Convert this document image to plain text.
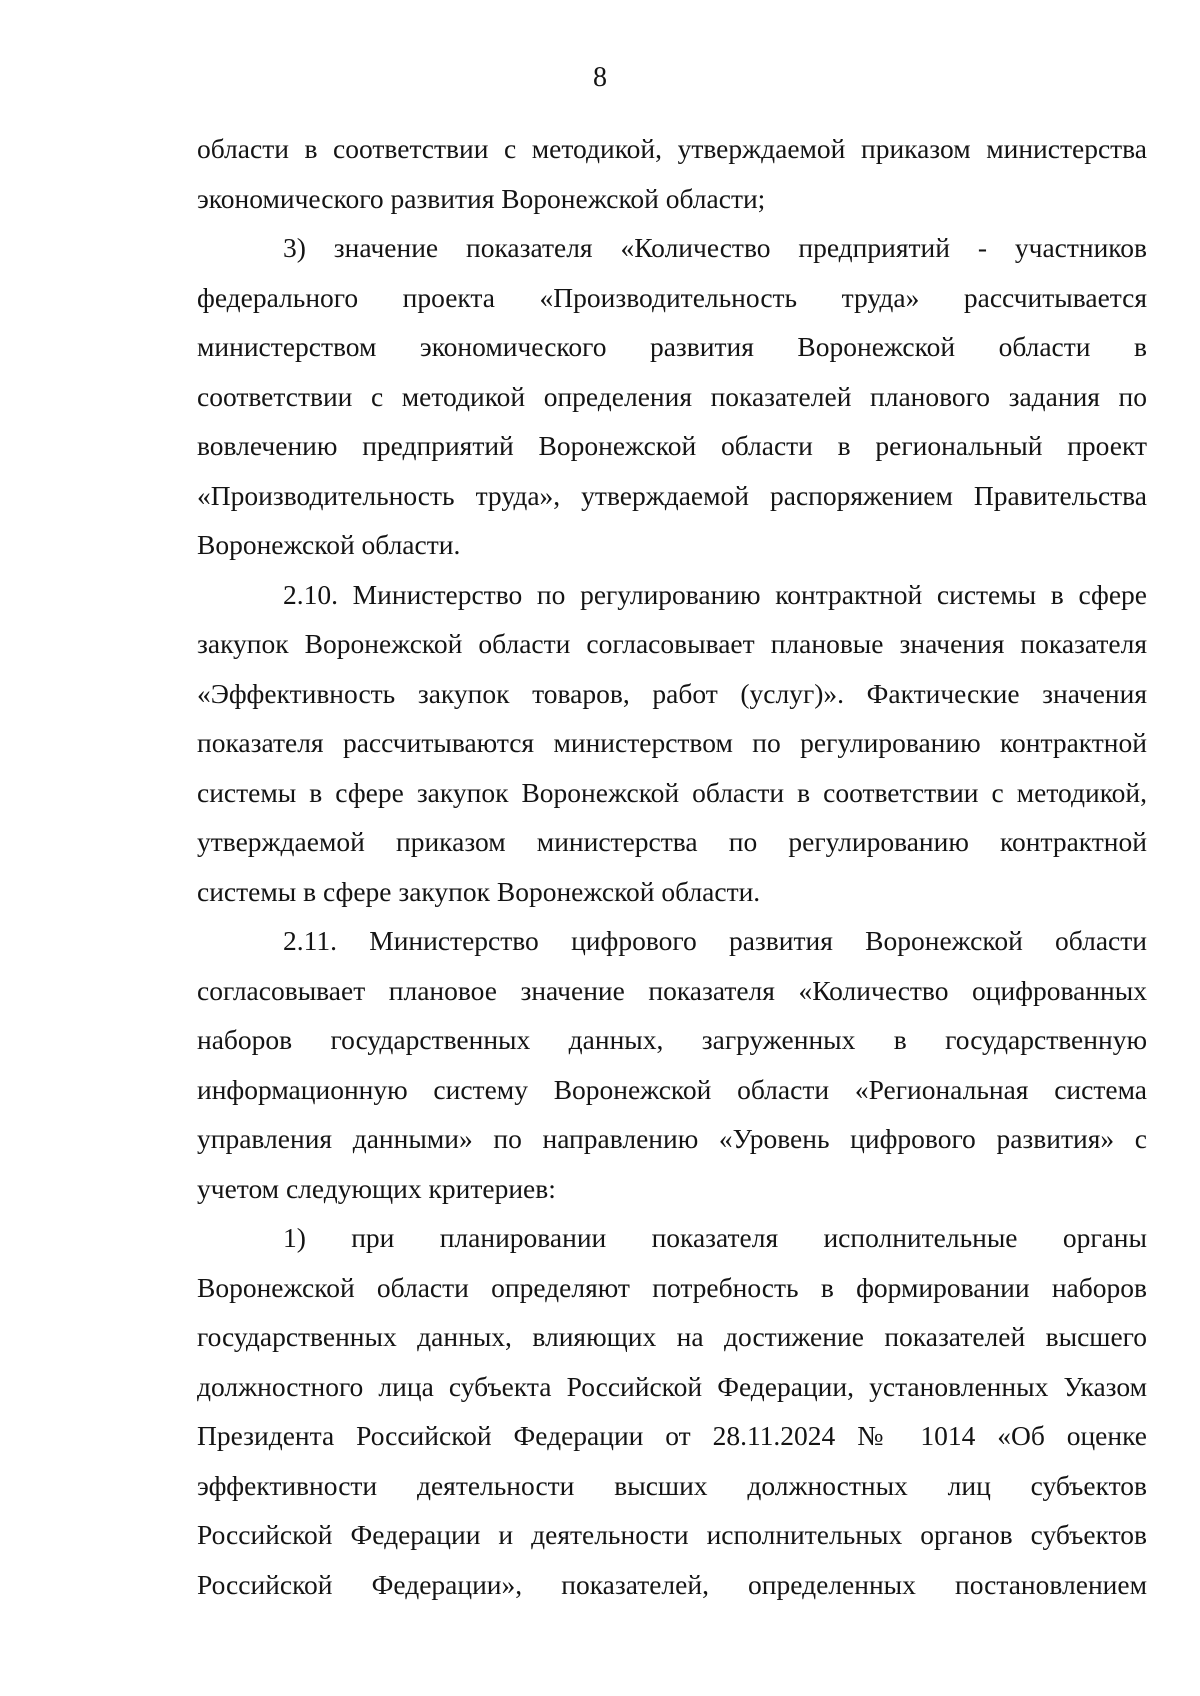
8
области в соответствии с методикой, утверждаемой приказом министерства
экономического развития Воронежской области;
3) значение показателя «Количество предприятий - участников
федерального проекта «Производительность труда» рассчитывается
министерством экономического развития Воронежской области в
соответствии с методикой определения показателей планового задания по
вовлечению предприятий Воронежской области в региональный проект
«Производительность труда», утверждаемой распоряжением Правительства
Воронежской области.
2.10. Министерство по регулированию контрактной системы в сфере
закупок Воронежской области согласовывает плановые значения показателя
«Эффективность закупок товаров, работ (услуг)». Фактические значения
показателя рассчитываются министерством по регулированию контрактной
системы в сфере закупок Воронежской области в соответствии с методикой,
утверждаемой приказом министерства по регулированию контрактной
системы в сфере закупок Воронежской области.
2.11. Министерство цифрового развития Воронежской области
согласовывает плановое значение показателя «Количество оцифрованных
наборов государственных данных, загруженных в государственную
информационную систему Воронежской области «Региональная система
управления данными» по направлению «Уровень цифрового развития» с
учетом следующих критериев:
1) при планировании показателя исполнительные органы
Воронежской области определяют потребность в формировании наборов
государственных данных, влияющих на достижение показателей высшего
должностного лица субъекта Российской Федерации, установленных Указом
Президента Российской Федерации от 28.11.2024 № 1014 «Об оценке
эффективности деятельности высших должностных лиц субъектов
Российской Федерации и деятельности исполнительных органов субъектов
Российской Федерации», показателей, определенных постановлением
